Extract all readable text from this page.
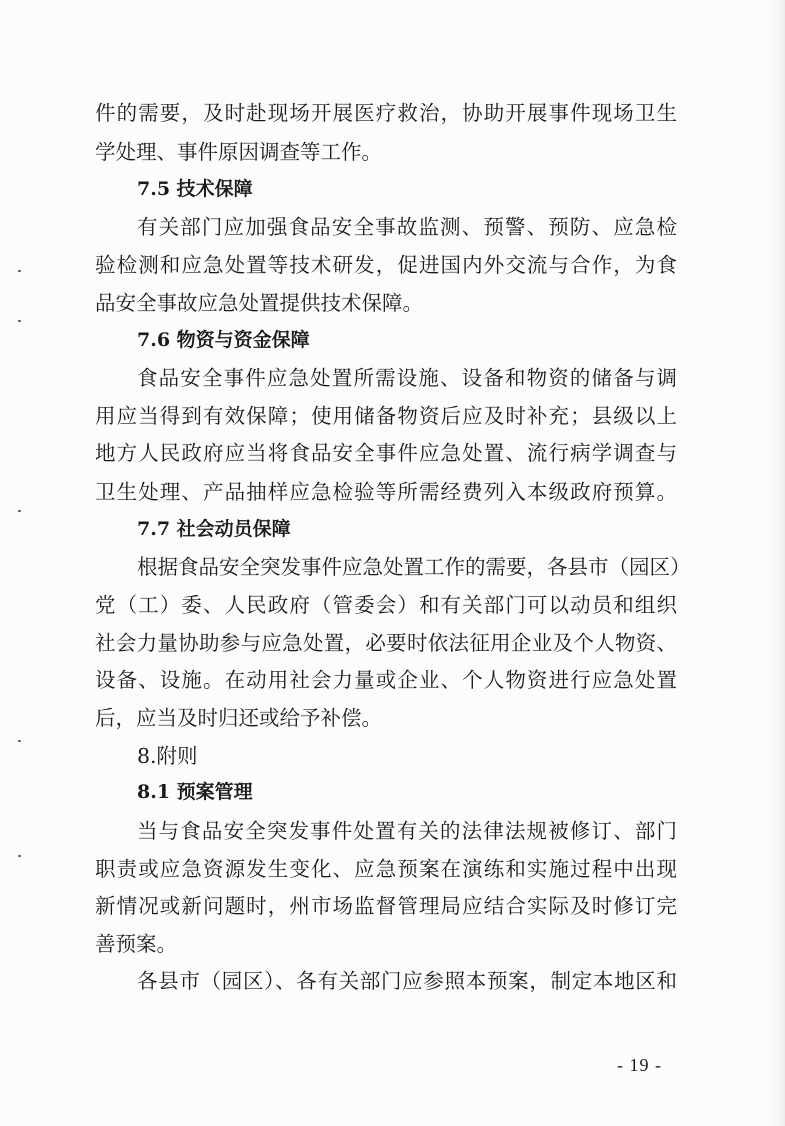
件的需要，及时赴现场开展医疗救治，协助开展事件现场卫生
学处理、事件原因调查等工作。
7.5 技术保障
有关部门应加强食品安全事故监测、预警、预防、应急检
验检测和应急处置等技术研发，促进国内外交流与合作，为食
品安全事故应急处置提供技术保障。
7.6 物资与资金保障
食品安全事件应急处置所需设施、设备和物资的储备与调
用应当得到有效保障；使用储备物资后应及时补充；县级以上
地方人民政府应当将食品安全事件应急处置、流行病学调查与
卫生处理、产品抽样应急检验等所需经费列入本级政府预算。
7.7 社会动员保障
根据食品安全突发事件应急处置工作的需要，各县市（园区）
党（工）委、人民政府（管委会）和有关部门可以动员和组织
社会力量协助参与应急处置，必要时依法征用企业及个人物资、
设备、设施。在动用社会力量或企业、个人物资进行应急处置
后，应当及时归还或给予补偿。
8.附则
8.1 预案管理
当与食品安全突发事件处置有关的法律法规被修订、部门
职责或应急资源发生变化、应急预案在演练和实施过程中出现
新情况或新问题时，州市场监督管理局应结合实际及时修订完
善预案。
各县市（园区）、各有关部门应参照本预案，制定本地区和
- 19 -
